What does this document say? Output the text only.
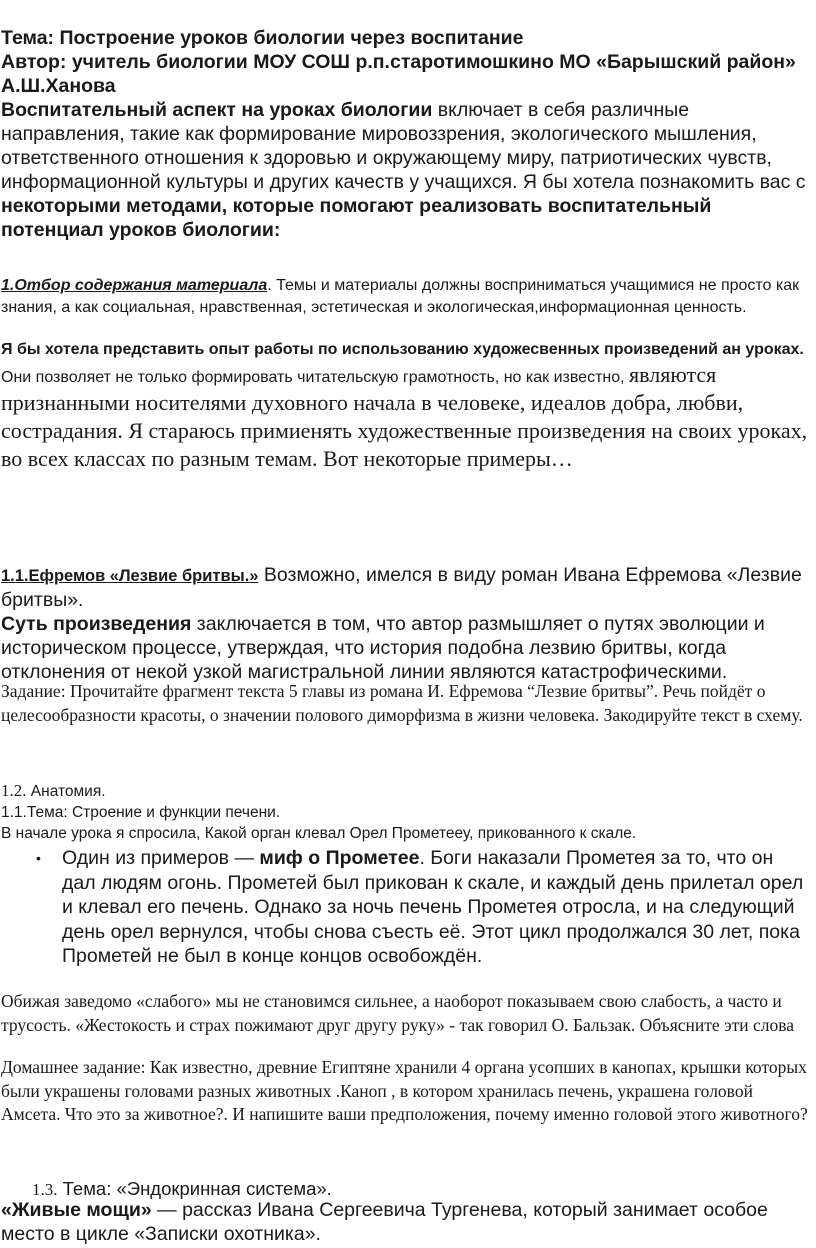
Тема: Построение уроков биологии через воспитание
Автор: учитель биологии МОУ СОШ р.п.старотимошкино МО «Барышский район» А.Ш.Ханова

Воспитательный аспект на уроках биологии включает в себя различные направления, такие как формирование мировоззрения, экологического мышления, ответственного отношения к здоровью и окружающему миру, патриотических чувств, информационной культуры и других качеств у учащихся. Я бы хотела познакомить вас с
некоторыми методами, которые помогают реализовать воспитательный потенциал уроков биологии:

1.Отбор содержания материала. Темы и материалы должны восприниматься учащимися не просто как знания, а как социальная, нравственная, эстетическая и экологическая,информационная ценность.

Я бы хотела представить опыт работы по использованию художесвенных произведений ан уроках. Они позволяет не только формировать читательскую грамотность, но как известно, являются признанными носителями духовного начала в человеке, идеалов добра, любви, сострадания. Я стараюсь примиенять художественные произведения на своих уроках, во всех классах по разным темам. Вот некоторые примеры…

1.1.Ефремов «Лезвие бритвы.» Возможно, имелся в виду роман Ивана Ефремова «Лезвие бритвы».
Суть произведения заключается в том, что автор размышляет о путях эволюции и историческом процессе, утверждая, что история подобна лезвию бритвы, когда отклонения от некой узкой магистральной линии являются катастрофическими.

Задание: Прочитайте фрагмент текста 5 главы из романа И. Ефремова “Лезвие бритвы”. Речь пойдёт о целесообразности красоты, о значении полового диморфизма в жизни человека. Закодируйте текст в схему.

1.2. Анатомия.
1.1.Тема: Строение и функции печени.
В начале урока я спросила, Какой орган клевал Орел Прометееу, прикованного к скале.

• Один из примеров — миф о Прометее. Боги наказали Прометея за то, что он дал людям огонь. Прометей был прикован к скале, и каждый день прилетал орел и клевал его печень. Однако за ночь печень Прометея отросла, и на следующий день орел вернулся, чтобы снова съесть её. Этот цикл продолжался 30 лет, пока Прометей не был в конце концов освобождён.

Обижая заведомо «слабого» мы не становимся сильнее, а наоборот показываем свою слабость, а часто и трусость. «Жестокость и страх пожимают друг другу руку» - так говорил О. Бальзак. Объясните эти слова

Домашнее задание: Как известно, древние Египтяне хранили 4 органа усопших в канопах, крышки которых были украшены головами разных животных .Каноп , в котором хранилась печень, украшена головой Амсета. Что это за животное?. И напишите ваши предположения, почему именно головой этого животного?

1.3. Тема: «Эндокринная система».

«Живые мощи» — рассказ Ивана Сергеевича Тургенева, который занимает особое место в цикле «Записки охотника».
